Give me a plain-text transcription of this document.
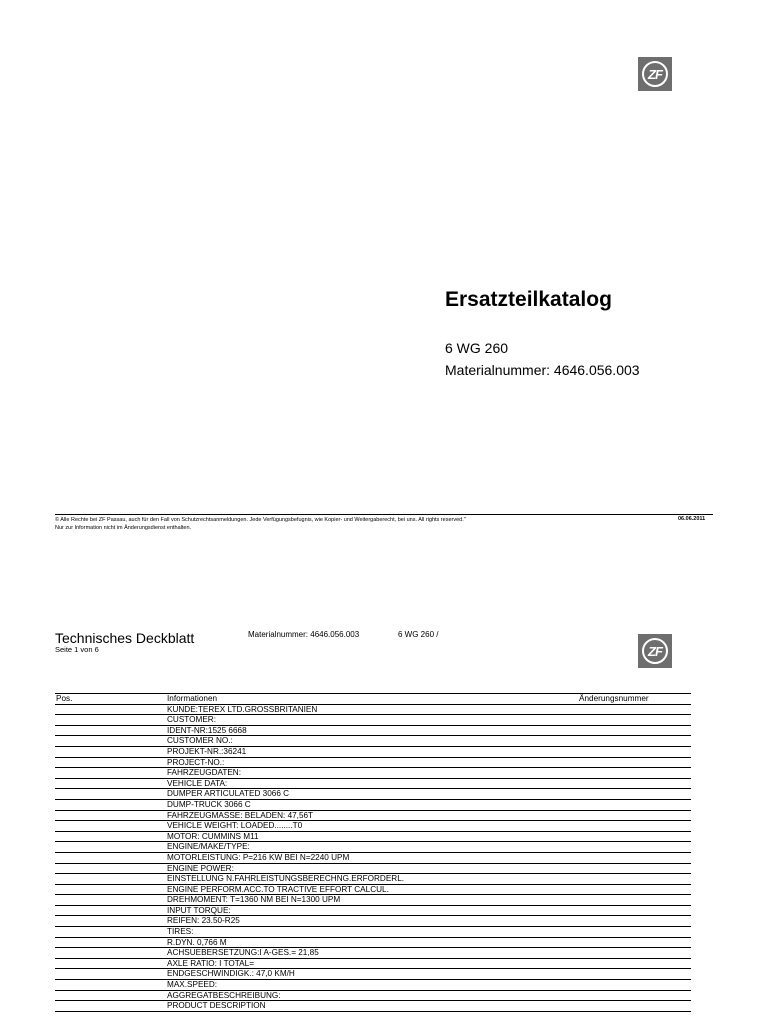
ZF
Ersatzteilkatalog
6 WG 260
Materialnummer: 4646.056.003
© Alle Rechte bei ZF Passau, auch für den Fall von Schutzrechtsanmeldungen. Jede Verfügungsbefugnis, wie Kopier- und Weitergaberecht, bei uns. All rights reserved."
Nur zur Information nicht im Änderungsdienst enthalten.
06.06.2011
Technisches Deckblatt
Seite 1 von 6
Materialnummer: 4646.056.003	6 WG 260 /
ZF
Pos.	Informationen	Änderungsnummer
	KUNDE:TEREX LTD.GROSSBRITANIEN	
	CUSTOMER:	
	IDENT-NR:1525 6668	
	CUSTOMER NO.:	
	PROJEKT-NR.:36241	
	PROJECT-NO.:	
	FAHRZEUGDATEN:	
	VEHICLE DATA:	
	DUMPER ARTICULATED 3066 C	
	DUMP-TRUCK 3066 C	
	FAHRZEUGMASSE: BELADEN: 47,56T	
	VEHICLE WEIGHT: LOADED........T0	
	MOTOR: CUMMINS M11	
	ENGINE/MAKE/TYPE:	
	MOTORLEISTUNG: P=216 KW BEI N=2240 UPM	
	ENGINE POWER:	
	EINSTELLUNG N.FAHRLEISTUNGSBERECHNG.ERFORDERL.	
	ENGINE PERFORM.ACC.TO TRACTIVE EFFORT CALCUL.	
	DREHMOMENT: T=1360 NM BEI N=1300 UPM	
	INPUT TORQUE:	
	REIFEN: 23.50-R25	
	TIRES:	
	R.DYN. 0,766 M	
	ACHSUEBERSETZUNG:I A-GES.= 21,85	
	AXLE RATIO: I TOTAL=	
	ENDGESCHWINDIGK.: 47,0 KM/H	
	MAX.SPEED:	
	AGGREGATBESCHREIBUNG:	
	PRODUCT DESCRIPTION	
